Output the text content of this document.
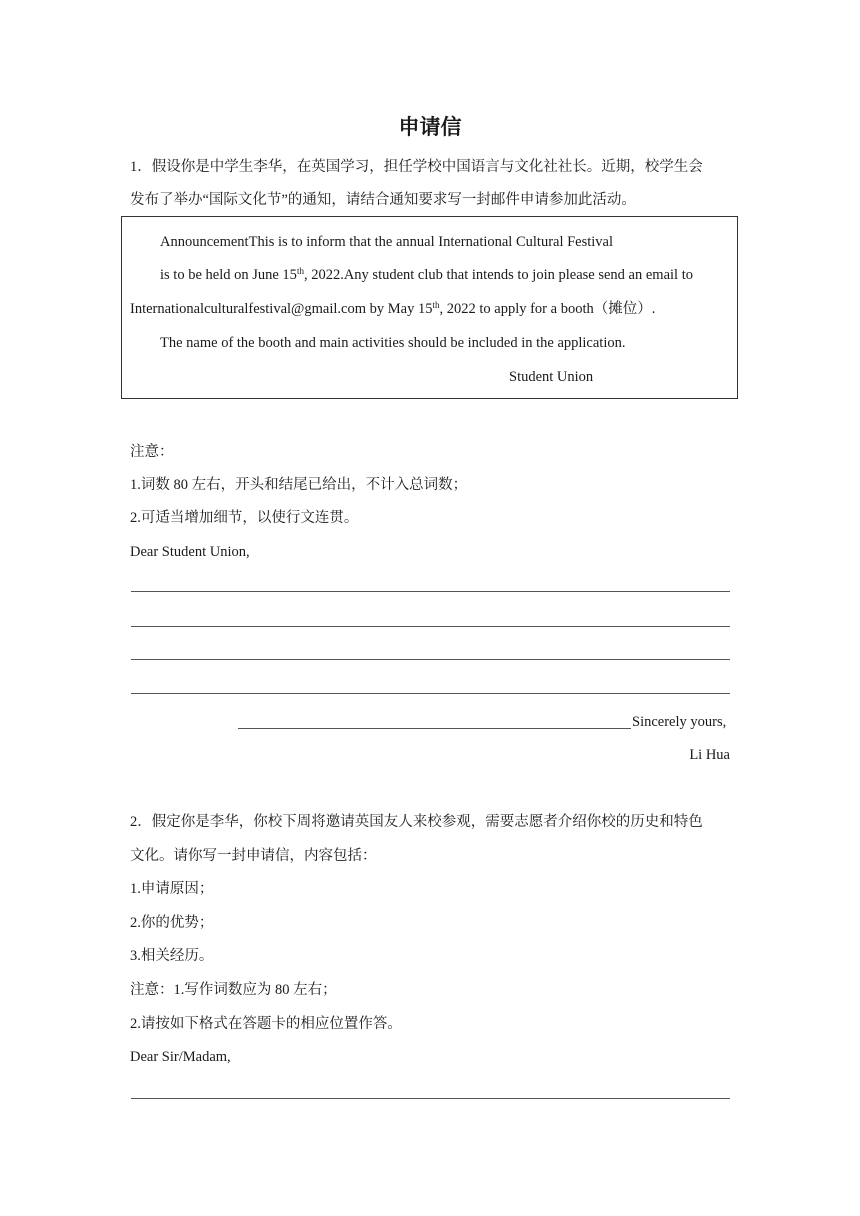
申请信
1．假设你是中学生李华，在英国学习，担任学校中国语言与文化社社长。近期，校学生会
发布了举办“国际文化节”的通知，请结合通知要求写一封邮件申请参加此活动。
AnnouncementThis is to inform that the annual International Cultural Festival
is to be held on June 15th, 2022.Any student club that intends to join please send an email to
Internationalculturalfestival@gmail.com by May 15th, 2022 to apply for a booth（摊位）.
The name of the booth and main activities should be included in the application.
Student Union
注意：
1.词数 80 左右，开头和结尾已给出，不计入总词数；
2.可适当增加细节，以使行文连贯。
Dear Student Union,
Sincerely yours,
Li Hua
2．假定你是李华，你校下周将邀请英国友人来校参观，需要志愿者介绍你校的历史和特色
文化。请你写一封申请信，内容包括：
1.申请原因；
2.你的优势；
3.相关经历。
注意：1.写作词数应为 80 左右；
2.请按如下格式在答题卡的相应位置作答。
Dear Sir/Madam,
